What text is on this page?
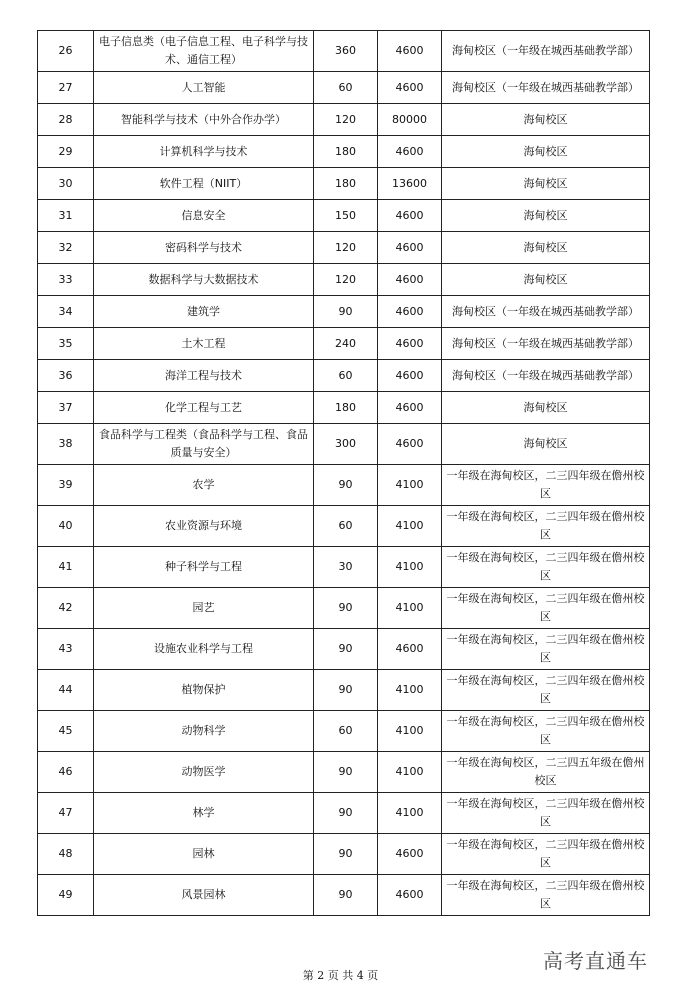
26	电子信息类（电子信息工程、电子科学与技术、通信工程）	360	4600	海甸校区（一年级在城西基础教学部）
27	人工智能	60	4600	海甸校区（一年级在城西基础教学部）
28	智能科学与技术（中外合作办学）	120	80000	海甸校区
29	计算机科学与技术	180	4600	海甸校区
30	软件工程（NIIT）	180	13600	海甸校区
31	信息安全	150	4600	海甸校区
32	密码科学与技术	120	4600	海甸校区
33	数据科学与大数据技术	120	4600	海甸校区
34	建筑学	90	4600	海甸校区（一年级在城西基础教学部）
35	土木工程	240	4600	海甸校区（一年级在城西基础教学部）
36	海洋工程与技术	60	4600	海甸校区（一年级在城西基础教学部）
37	化学工程与工艺	180	4600	海甸校区
38	食品科学与工程类（食品科学与工程、食品质量与安全）	300	4600	海甸校区
39	农学	90	4100	一年级在海甸校区，二三四年级在儋州校区
40	农业资源与环境	60	4100	一年级在海甸校区，二三四年级在儋州校区
41	种子科学与工程	30	4100	一年级在海甸校区，二三四年级在儋州校区
42	园艺	90	4100	一年级在海甸校区，二三四年级在儋州校区
43	设施农业科学与工程	90	4600	一年级在海甸校区，二三四年级在儋州校区
44	植物保护	90	4100	一年级在海甸校区，二三四年级在儋州校区
45	动物科学	60	4100	一年级在海甸校区，二三四年级在儋州校区
46	动物医学	90	4100	一年级在海甸校区，二三四五年级在儋州校区
47	林学	90	4100	一年级在海甸校区，二三四年级在儋州校区
48	园林	90	4600	一年级在海甸校区，二三四年级在儋州校区
49	风景园林	90	4600	一年级在海甸校区，二三四年级在儋州校区
高考直通车
第 2 页 共 4 页
